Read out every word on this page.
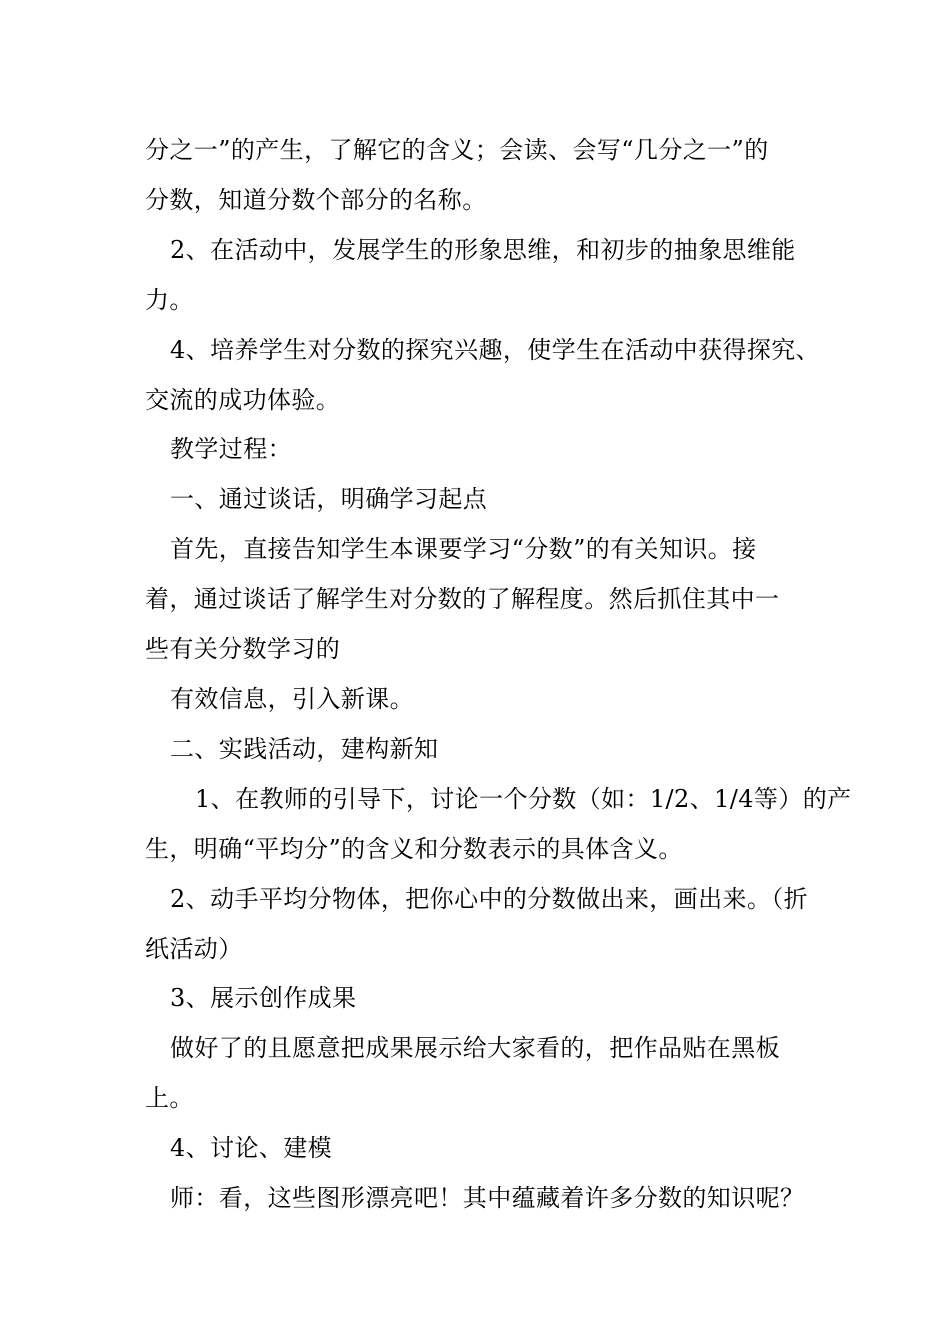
分之一”的产生，了解它的含义；会读、会写“几分之一”的
分数，知道分数个部分的名称。
2、在活动中，发展学生的形象思维，和初步的抽象思维能
力。
4、培养学生对分数的探究兴趣，使学生在活动中获得探究、
交流的成功体验。
教学过程：
一、通过谈话，明确学习起点
首先，直接告知学生本课要学习“分数”的有关知识。接
着，通过谈话了解学生对分数的了解程度。然后抓住其中一
些有关分数学习的
有效信息，引入新课。
二、实践活动，建构新知
1、在教师的引导下，讨论一个分数（如：1/2、1/4等）的产
生，明确“平均分”的含义和分数表示的具体含义。
2、动手平均分物体，把你心中的分数做出来，画出来。（折
纸活动）
3、展示创作成果
做好了的且愿意把成果展示给大家看的，把作品贴在黑板
上。
4、讨论、建模
师：看，这些图形漂亮吧！其中蕴藏着许多分数的知识呢？
